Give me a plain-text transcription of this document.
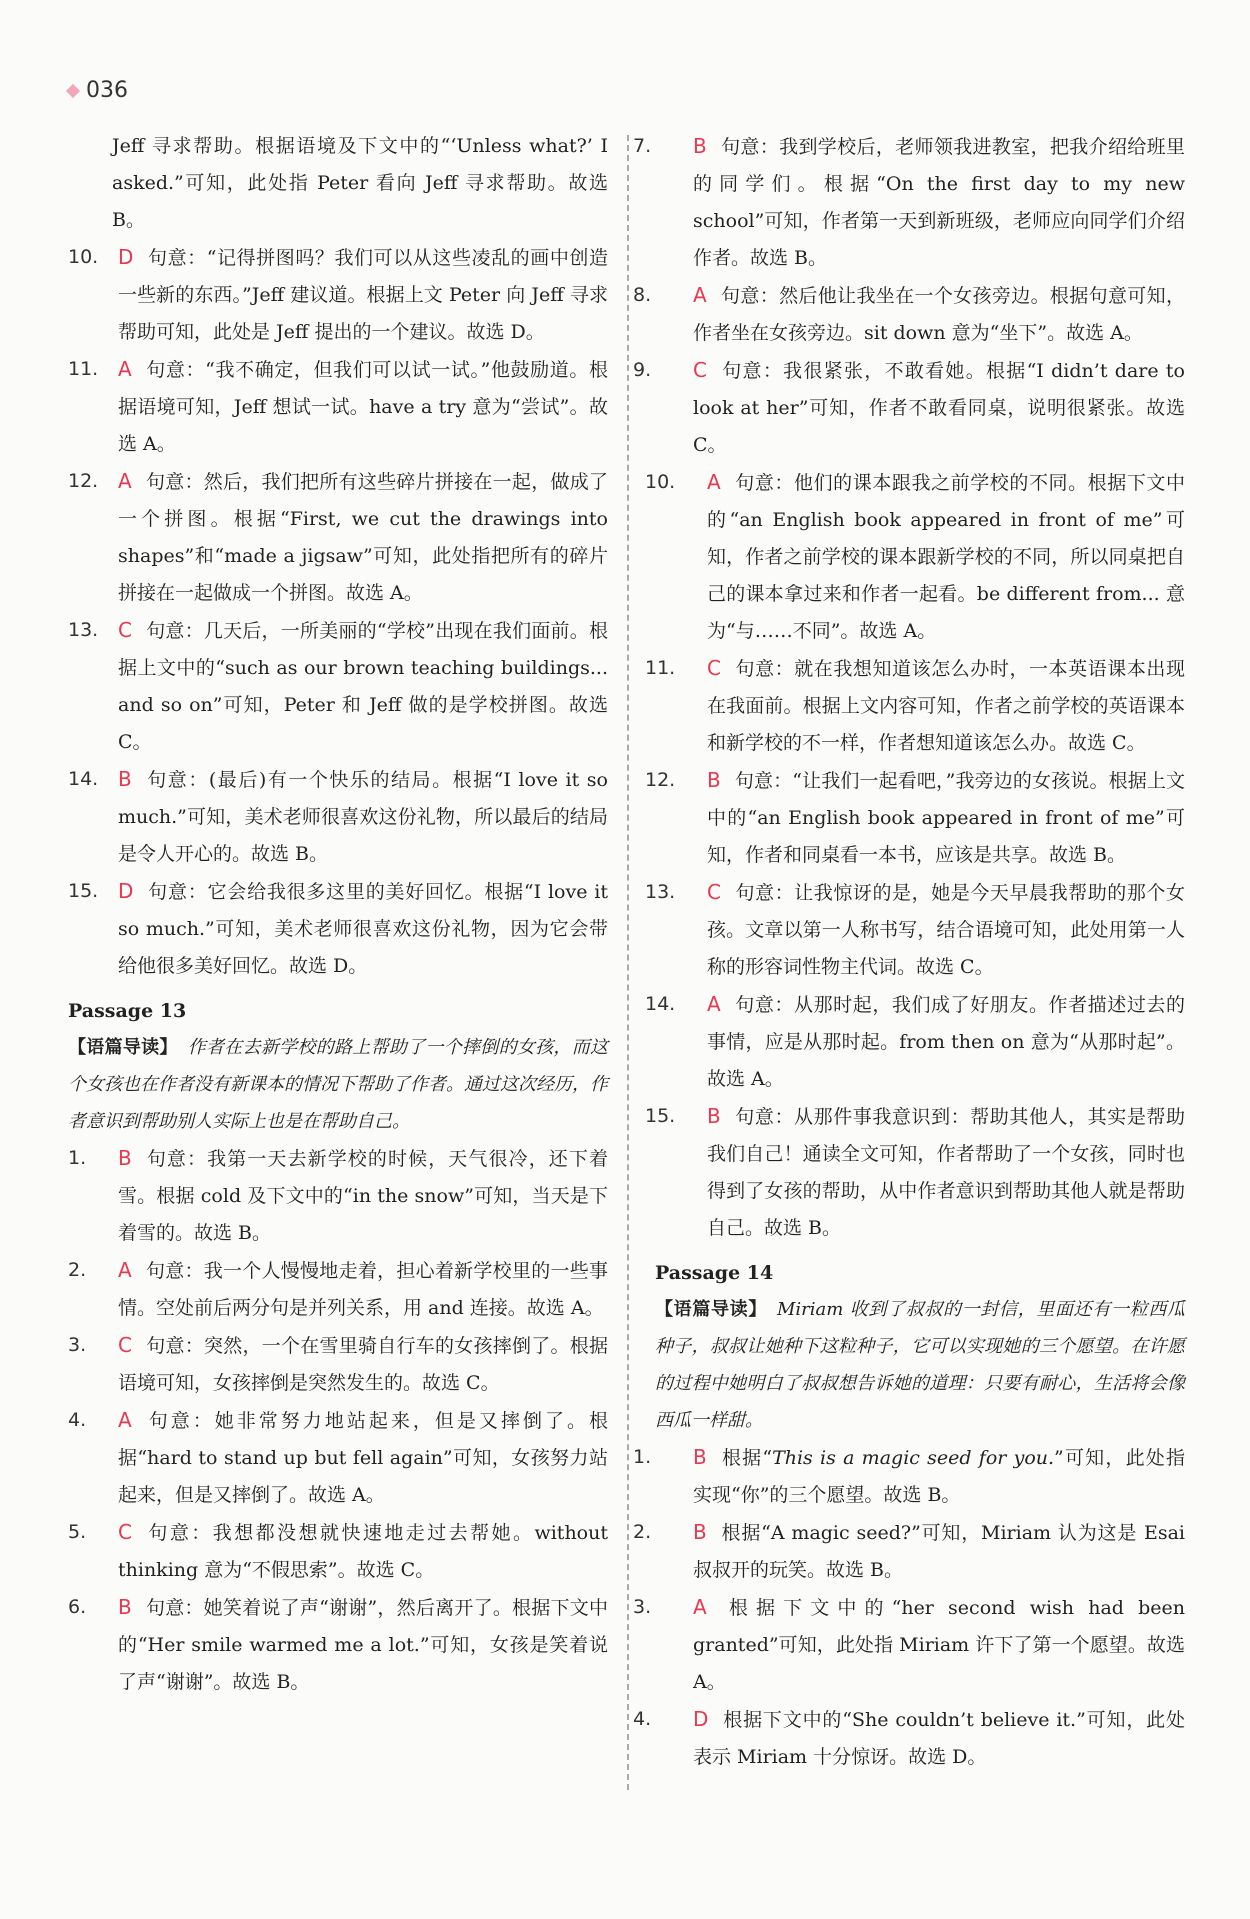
036
Jeff 寻求帮助。根据语境及下文中的“‘Unless what?’ I asked.”可知，此处指 Peter 看向 Jeff 寻求帮助。故选 B。
10. D 句意：“记得拼图吗？我们可以从这些凌乱的画中创造一些新的东西。”Jeff 建议道。根据上文 Peter 向 Jeff 寻求帮助可知，此处是 Jeff 提出的一个建议。故选 D。
11. A 句意：“我不确定，但我们可以试一试。”他鼓励道。根据语境可知，Jeff 想试一试。have a try 意为“尝试”。故选 A。
12. A 句意：然后，我们把所有这些碎片拼接在一起，做成了一个拼图。根据“First, we cut the drawings into shapes”和“made a jigsaw”可知，此处指把所有的碎片拼接在一起做成一个拼图。故选 A。
13. C 句意：几天后，一所美丽的“学校”出现在我们面前。根据上文中的“such as our brown teaching buildings... and so on”可知，Peter 和 Jeff 做的是学校拼图。故选 C。
14. B 句意：(最后)有一个快乐的结局。根据“I love it so much.”可知，美术老师很喜欢这份礼物，所以最后的结局是令人开心的。故选 B。
15. D 句意：它会给我很多这里的美好回忆。根据“I love it so much.”可知，美术老师很喜欢这份礼物，因为它会带给他很多美好回忆。故选 D。
Passage 13
【语篇导读】 作者在去新学校的路上帮助了一个摔倒的女孩，而这个女孩也在作者没有新课本的情况下帮助了作者。通过这次经历，作者意识到帮助别人实际上也是在帮助自己。
1. B 句意：我第一天去新学校的时候，天气很冷，还下着雪。根据 cold 及下文中的“in the snow”可知，当天是下着雪的。故选 B。
2. A 句意：我一个人慢慢地走着，担心着新学校里的一些事情。空处前后两分句是并列关系，用 and 连接。故选 A。
3. C 句意：突然，一个在雪里骑自行车的女孩摔倒了。根据语境可知，女孩摔倒是突然发生的。故选 C。
4. A 句意：她非常努力地站起来，但是又摔倒了。根据“hard to stand up but fell again”可知，女孩努力站起来，但是又摔倒了。故选 A。
5. C 句意：我想都没想就快速地走过去帮她。without thinking 意为“不假思索”。故选 C。
6. B 句意：她笑着说了声“谢谢”，然后离开了。根据下文中的“Her smile warmed me a lot.”可知，女孩是笑着说了声“谢谢”。故选 B。
7. B 句意：我到学校后，老师领我进教室，把我介绍给班里的同学们。根据“On the first day to my new school”可知，作者第一天到新班级，老师应向同学们介绍作者。故选 B。
8. A 句意：然后他让我坐在一个女孩旁边。根据句意可知，作者坐在女孩旁边。sit down 意为“坐下”。故选 A。
9. C 句意：我很紧张，不敢看她。根据“I didn’t dare to look at her”可知，作者不敢看同桌，说明很紧张。故选 C。
10. A 句意：他们的课本跟我之前学校的不同。根据下文中的“an English book appeared in front of me”可知，作者之前学校的课本跟新学校的不同，所以同桌把自己的课本拿过来和作者一起看。be different from... 意为“与……不同”。故选 A。
11. C 句意：就在我想知道该怎么办时，一本英语课本出现在我面前。根据上文内容可知，作者之前学校的英语课本和新学校的不一样，作者想知道该怎么办。故选 C。
12. B 句意：“让我们一起看吧，”我旁边的女孩说。根据上文中的“an English book appeared in front of me”可知，作者和同桌看一本书，应该是共享。故选 B。
13. C 句意：让我惊讶的是，她是今天早晨我帮助的那个女孩。文章以第一人称书写，结合语境可知，此处用第一人称的形容词性物主代词。故选 C。
14. A 句意：从那时起，我们成了好朋友。作者描述过去的事情，应是从那时起。from then on 意为“从那时起”。故选 A。
15. B 句意：从那件事我意识到：帮助其他人，其实是帮助我们自己！通读全文可知，作者帮助了一个女孩，同时也得到了女孩的帮助，从中作者意识到帮助其他人就是帮助自己。故选 B。
Passage 14
【语篇导读】 Miriam 收到了叔叔的一封信，里面还有一粒西瓜种子，叔叔让她种下这粒种子，它可以实现她的三个愿望。在许愿的过程中她明白了叔叔想告诉她的道理：只要有耐心，生活将会像西瓜一样甜。
1. B 根据“This is a magic seed for you.”可知，此处指实现“你”的三个愿望。故选 B。
2. B 根据“A magic seed?”可知，Miriam 认为这是 Esai 叔叔开的玩笑。故选 B。
3. A 根据下文中的“her second wish had been granted”可知，此处指 Miriam 许下了第一个愿望。故选 A。
4. D 根据下文中的“She couldn’t believe it.”可知，此处表示 Miriam 十分惊讶。故选 D。
